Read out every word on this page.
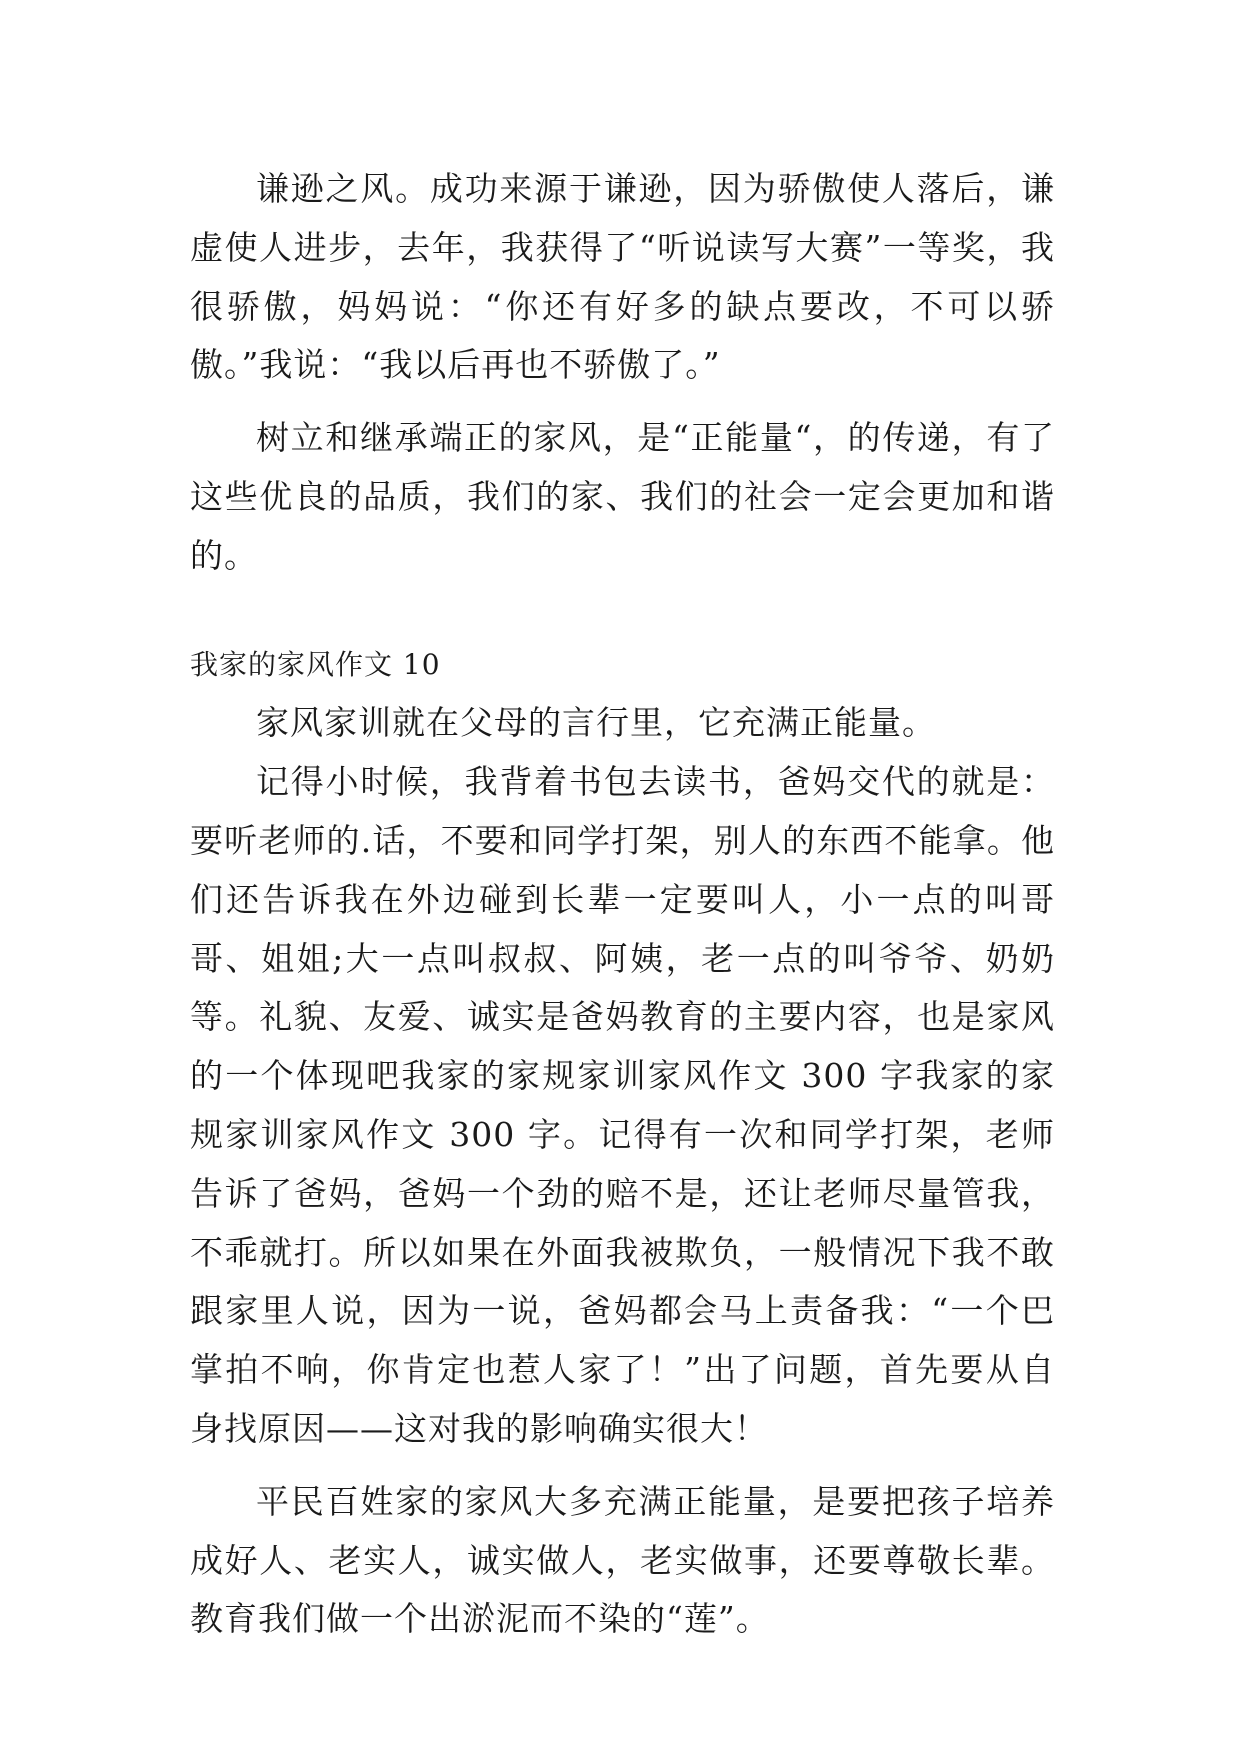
谦逊之风。成功来源于谦逊，因为骄傲使人落后，谦虚使人进步，去年，我获得了“听说读写大赛”一等奖，我很骄傲，妈妈说：“你还有好多的缺点要改，不可以骄傲。”我说：“我以后再也不骄傲了。”

树立和继承端正的家风，是“正能量“，的传递，有了这些优良的品质，我们的家、我们的社会一定会更加和谐的。

我家的家风作文 10

家风家训就在父母的言行里，它充满正能量。

记得小时候，我背着书包去读书，爸妈交代的就是：要听老师的.话，不要和同学打架，别人的东西不能拿。他们还告诉我在外边碰到长辈一定要叫人，小一点的叫哥哥、姐姐;大一点叫叔叔、阿姨，老一点的叫爷爷、奶奶等。礼貌、友爱、诚实是爸妈教育的主要内容，也是家风的一个体现吧我家的家规家训家风作文 300 字我家的家规家训家风作文 300 字。记得有一次和同学打架，老师告诉了爸妈，爸妈一个劲的赔不是，还让老师尽量管我，不乖就打。所以如果在外面我被欺负，一般情况下我不敢跟家里人说，因为一说，爸妈都会马上责备我：“一个巴掌拍不响，你肯定也惹人家了！”出了问题，首先要从自身找原因——这对我的影响确实很大！

平民百姓家的家风大多充满正能量，是要把孩子培养成好人、老实人，诚实做人，老实做事，还要尊敬长辈。教育我们做一个出淤泥而不染的“莲”。
